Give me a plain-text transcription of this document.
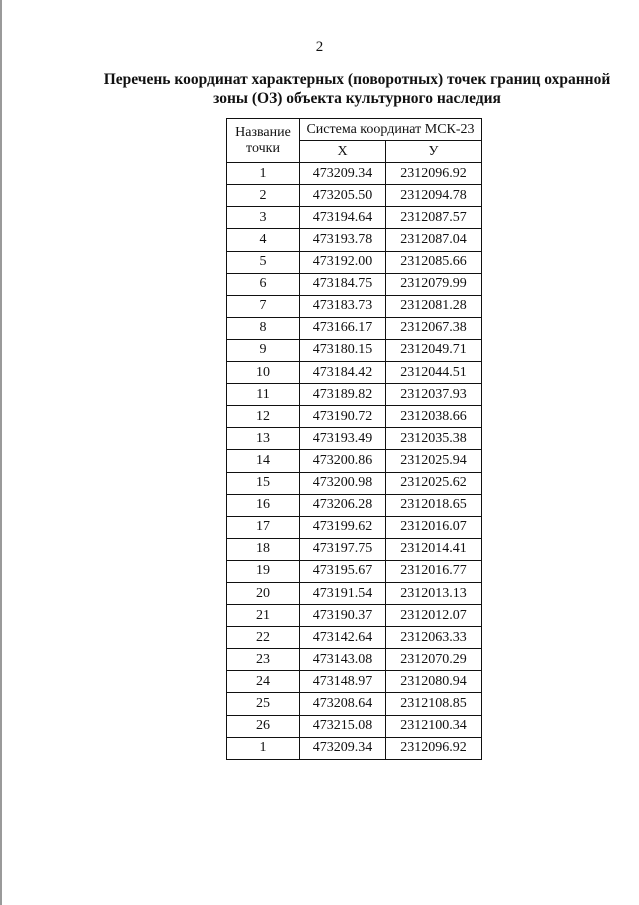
2
Перечень координат характерных (поворотных) точек границ охранной зоны (ОЗ) объекта культурного наследия
Название точки	Система координат МСК-23	
	X	У
1	473209.34	2312096.92
2	473205.50	2312094.78
3	473194.64	2312087.57
4	473193.78	2312087.04
5	473192.00	2312085.66
6	473184.75	2312079.99
7	473183.73	2312081.28
8	473166.17	2312067.38
9	473180.15	2312049.71
10	473184.42	2312044.51
11	473189.82	2312037.93
12	473190.72	2312038.66
13	473193.49	2312035.38
14	473200.86	2312025.94
15	473200.98	2312025.62
16	473206.28	2312018.65
17	473199.62	2312016.07
18	473197.75	2312014.41
19	473195.67	2312016.77
20	473191.54	2312013.13
21	473190.37	2312012.07
22	473142.64	2312063.33
23	473143.08	2312070.29
24	473148.97	2312080.94
25	473208.64	2312108.85
26	473215.08	2312100.34
1	473209.34	2312096.92
